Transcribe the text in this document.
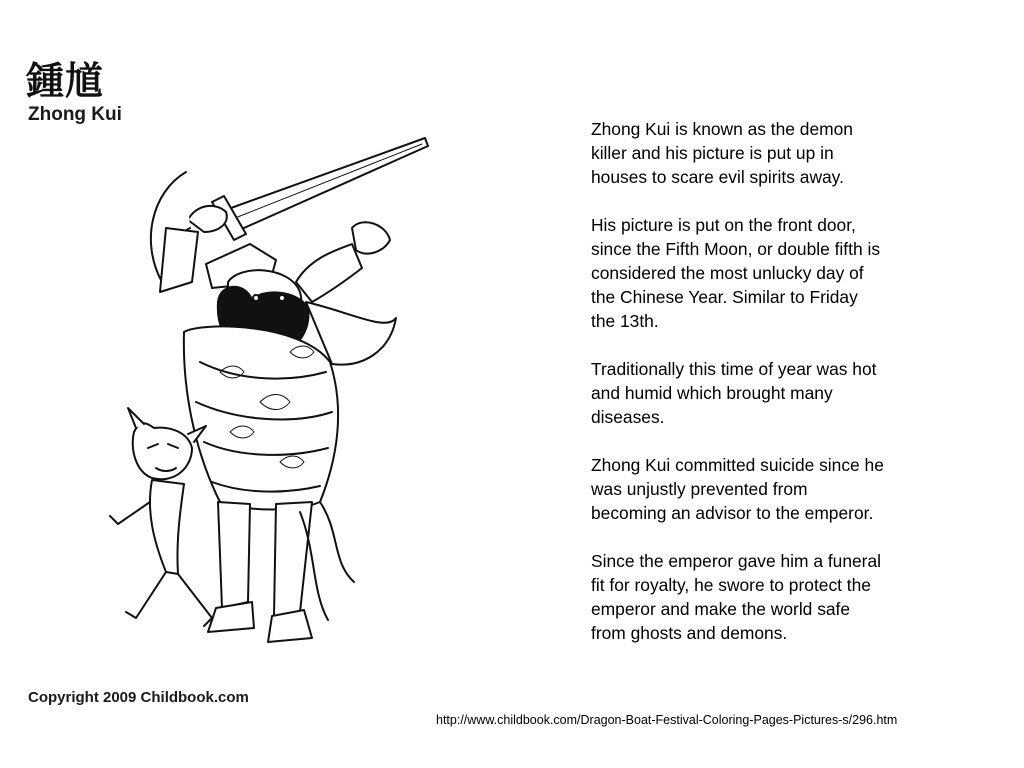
鍾馗
Zhong Kui
Copyright 2009 Childbook.com

Zhong Kui is known as the demon
killer and his picture is put up in
houses to scare evil spirits away.

His picture is put on the front door,
since the Fifth Moon, or double fifth is
considered the most unlucky day of
the Chinese Year. Similar to Friday
the 13th.

Traditionally this time of year was hot
and humid which brought many
diseases.

Zhong Kui committed suicide since he
was unjustly prevented from
becoming an advisor to the emperor.

Since the emperor gave him a funeral
fit for royalty, he swore to protect the
emperor and make the world safe
from ghosts and demons.

http://www.childbook.com/Dragon-Boat-Festival-Coloring-Pages-Pictures-s/296.htm
